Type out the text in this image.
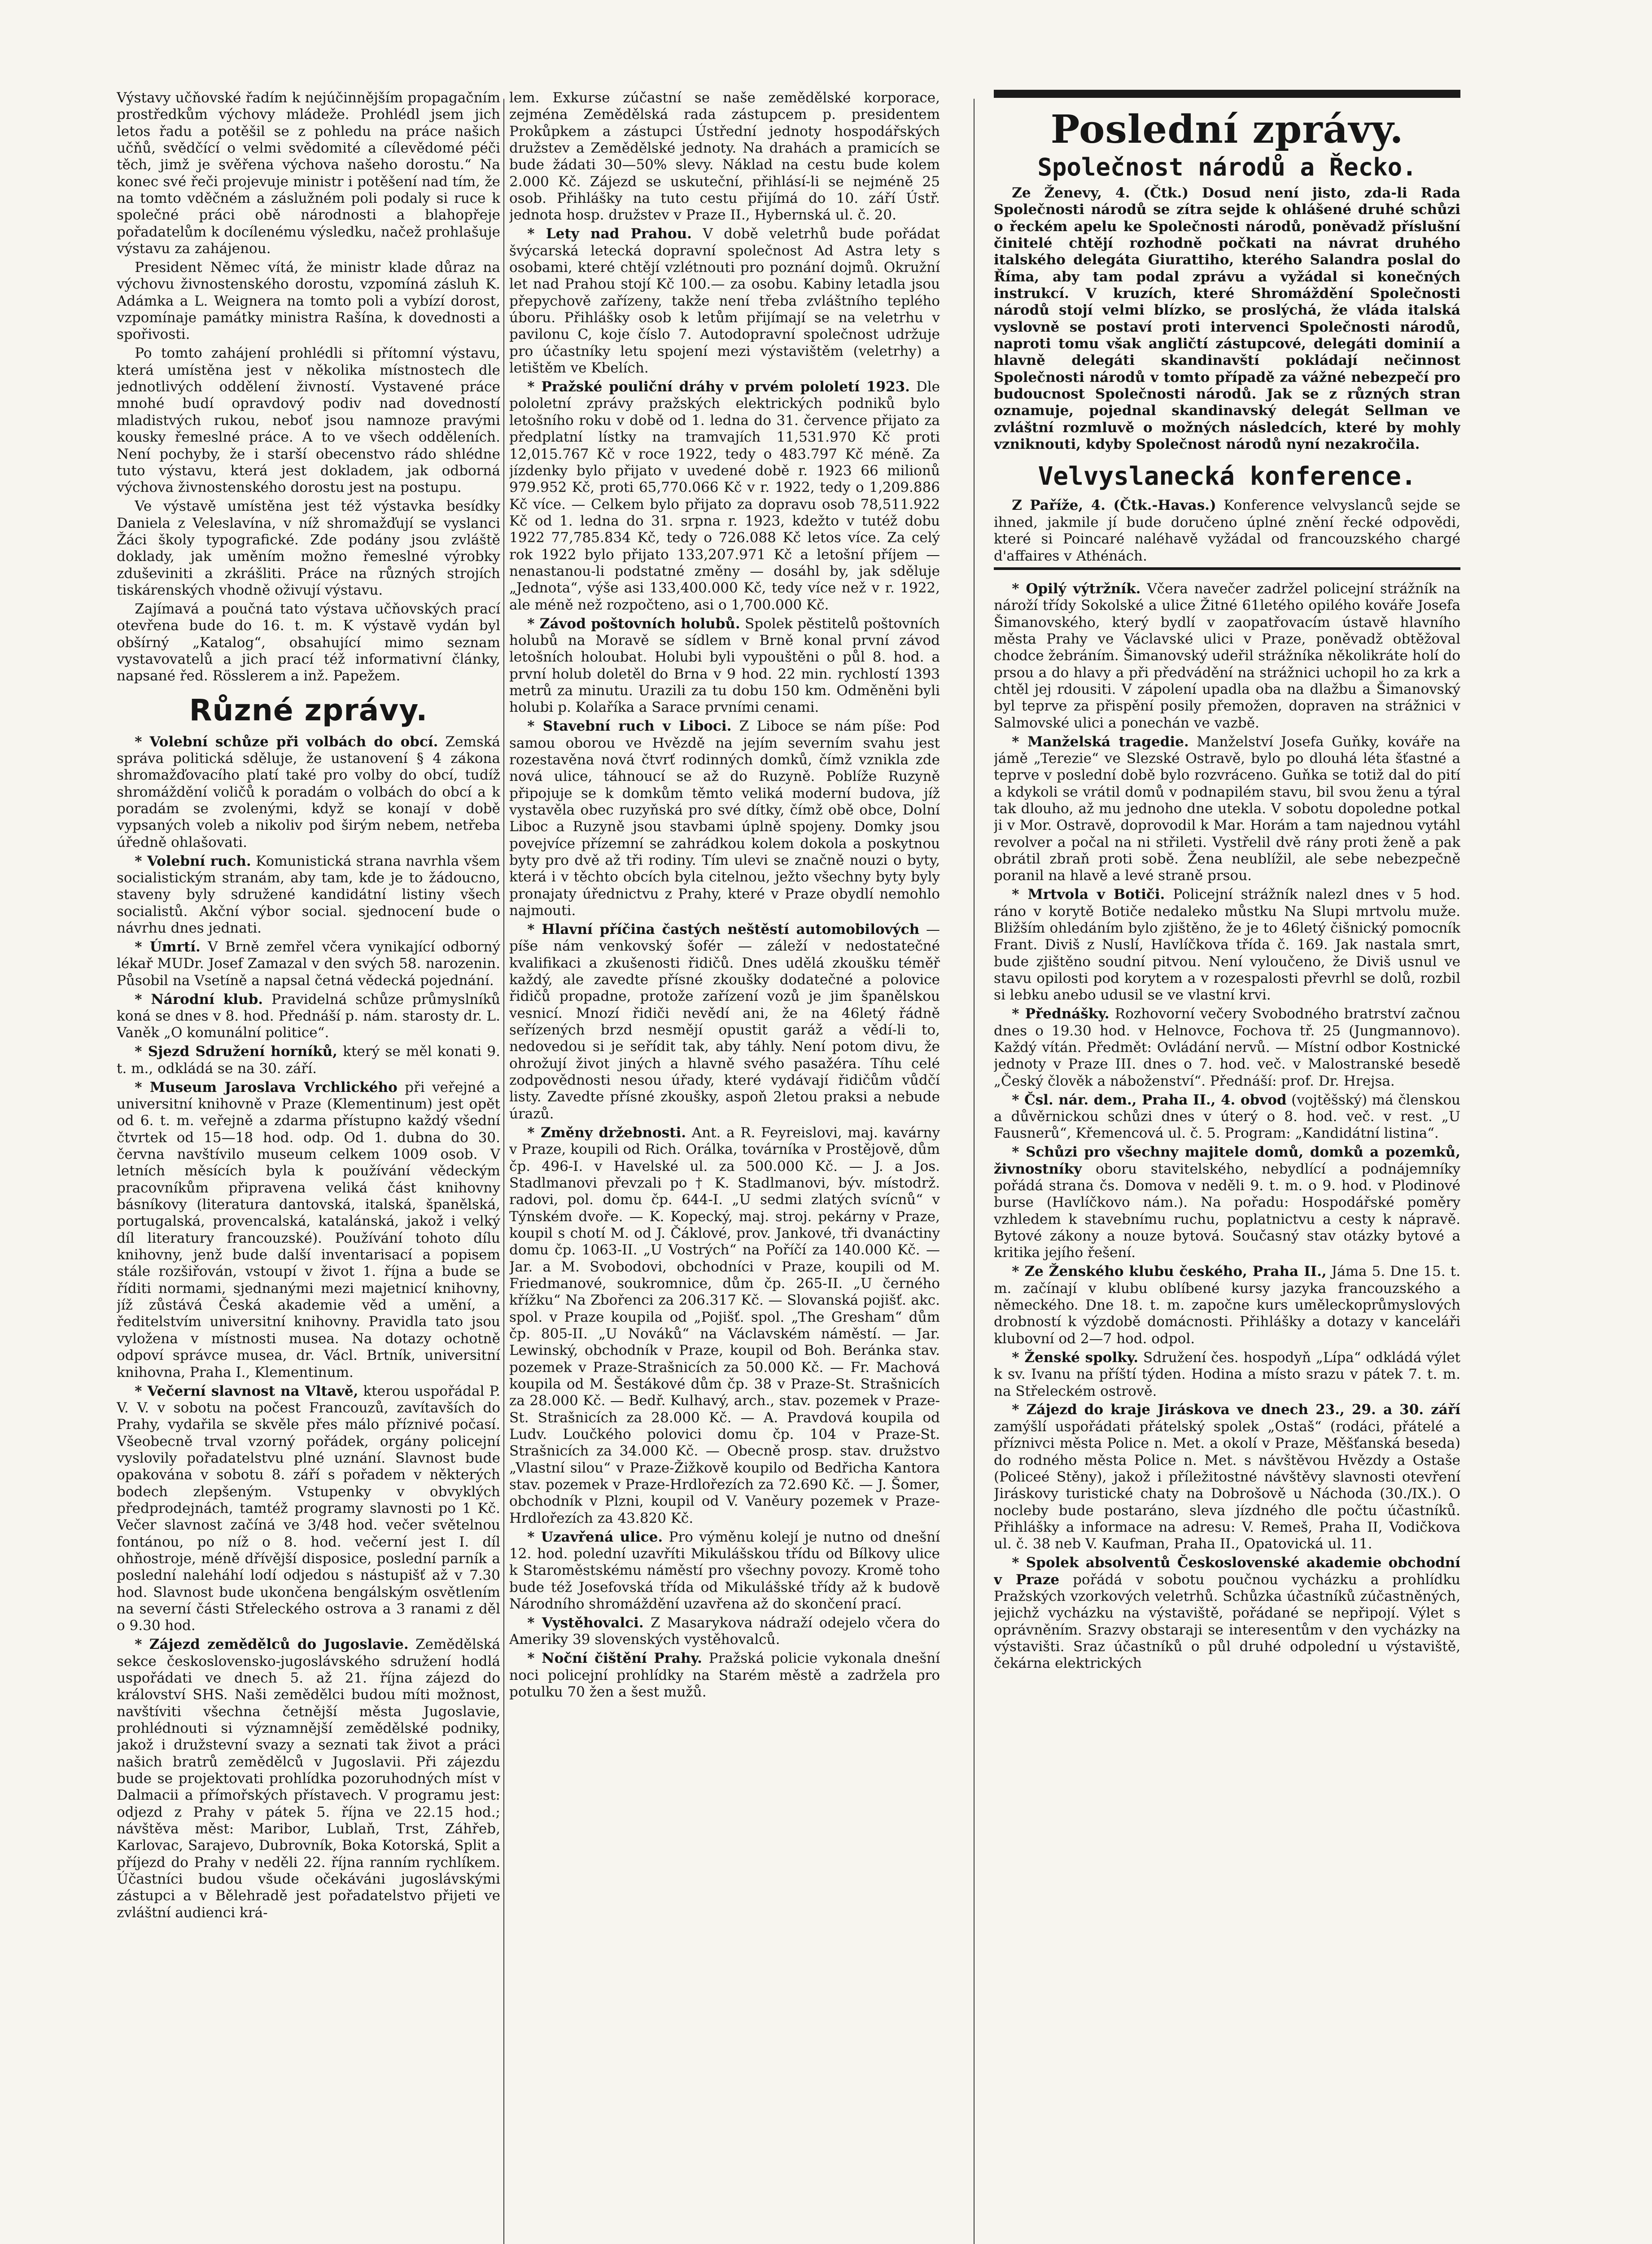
Výstavy učňovské řadím k nejúčinnějším propagačním prostředkům výchovy mládeže. Prohlédl jsem jich letos řadu a potěšil se z pohledu na práce našich učňů, svědčící o velmi svědomité a cílevědomé péči těch, jimž je svěřena výchova našeho dorostu.“ Na konec své řeči projevuje ministr i potěšení nad tím, že na tomto vděčném a záslužném poli podaly si ruce k společné práci obě národnosti a blahopřeje pořadatelům k docílenému výsledku, načež prohlašuje výstavu za zahájenou.

President Němec vítá, že ministr klade důraz na výchovu živnostenského dorostu, vzpomíná zásluh K. Adámka a L. Weignera na tomto poli a vybízí dorost, vzpomínaje památky ministra Rašína, k dovednosti a spořivosti.

Po tomto zahájení prohlédli si přítomní výstavu, která umístěna jest v několika místnostech dle jednotlivých oddělení živností. Vystavené práce mnohé budí opravdový podiv nad dovedností mladistvých rukou, neboť jsou namnoze pravými kousky řemeslné práce. A to ve všech odděleních. Není pochyby, že i starší obecenstvo rádo shlédne tuto výstavu, která jest dokladem, jak odborná výchova živnostenského dorostu jest na postupu.

Ve výstavě umístěna jest též výstavka besídky Daniela z Veleslavína, v níž shromažďují se vyslanci Žáci školy typografické. Zde podány jsou zvláště doklady, jak uměním možno řemeslné výrobky zduševiniti a zkrášliti. Práce na různých strojích tiskárenských vhodně oživují výstavu.

Zajímavá a poučná tato výstava učňovských prací otevřena bude do 16. t. m. K výstavě vydán byl obšírný „Katalog“, obsahující mimo seznam vystavovatelů a jich prací též informativní články, napsané řed. Rösslerem a inž. Papežem.

Různé zprávy.

* Volební schůze při volbách do obcí. Zemská správa politická sděluje, že ustanovení § 4 zákona shromažďovacího platí také pro volby do obcí, tudíž shromáždění voličů k poradám o volbách do obcí a k poradám se zvolenými, když se konají v době vypsaných voleb a nikoliv pod širým nebem, netřeba úředně ohlašovati.

* Volební ruch. Komunistická strana navrhla všem socialistickým stranám, aby tam, kde je to žádoucno, staveny byly sdružené kandidátní listiny všech socialistů. Akční výbor social. sjednocení bude o návrhu dnes jednati.

* Úmrtí. V Brně zemřel včera vynikající odborný lékař MUDr. Josef Zamazal v den svých 58. narozenin. Působil na Vsetíně a napsal četná vědecká pojednání.

* Národní klub. Pravidelná schůze průmyslníků koná se dnes v 8. hod. Přednáší p. nám. starosty dr. L. Vaněk „O komunální politice“.

* Sjezd Sdružení horníků, který se měl konati 9. t. m., odkládá se na 30. září.

* Museum Jaroslava Vrchlického při veřejné a universitní knihovně v Praze (Klementinum) jest opět od 6. t. m. veřejně a zdarma přístupno každý všední čtvrtek od 15—18 hod. odp. Od 1. dubna do 30. června navštívilo museum celkem 1009 osob. V letních měsících byla k používání vědeckým pracovníkům připravena veliká část knihovny básníkovy (literatura dantovská, italská, španělská, portugalská, provencalská, katalánská, jakož i velký díl literatury francouzské). Používání tohoto dílu knihovny, jenž bude další inventarisací a popisem stále rozšiřován, vstoupí v život 1. října a bude se říditi normami, sjednanými mezi majetnicí knihovny, jíž zůstává Česká akademie věd a umění, a ředitelstvím universitní knihovny. Pravidla tato jsou vyložena v místnosti musea. Na dotazy ochotně odpoví správce musea, dr. Václ. Brtník, universitní knihovna, Praha I., Klementinum.

* Večerní slavnost na Vltavě, kterou uspořádal P. V. V. v sobotu na počest Francouzů, zavítavších do Prahy, vydařila se skvěle přes málo příznivé počasí. Všeobecně trval vzorný pořádek, orgány policejní vyslovily pořadatelstvu plné uznání. Slavnost bude opakována v sobotu 8. září s pořadem v některých bodech zlepšeným. Vstupenky v obvyklých předprodejnách, tamtéž programy slavnosti po 1 Kč. Večer slavnost začíná ve 3/48 hod. večer světelnou fontánou, po níž o 8. hod. večerní jest I. díl ohňostroje, méně dřívější disposice, poslední parník a poslední naleháhí lodí odjedou s nástupišť až v 7.30 hod. Slavnost bude ukončena bengálským osvětlením na severní části Střeleckého ostrova a 3 ranami z děl o 9.30 hod.

* Zájezd zemědělců do Jugoslavie. Zemědělská sekce československo-jugoslávského sdružení hodlá uspořádati ve dnech 5. až 21. října zájezd do království SHS. Naši zemědělci budou míti možnost, navštíviti všechna četnější města Jugoslavie, prohlédnouti si významnější zemědělské podniky, jakož i družstevní svazy a seznati tak život a práci našich bratrů zemědělců v Jugoslavii. Při zájezdu bude se projektovati prohlídka pozoruhodných míst v Dalmacii a přímořských přístavech. V programu jest: odjezd z Prahy v pátek 5. října ve 22.15 hod.; návštěva měst: Maribor, Lublaň, Trst, Záhřeb, Karlovac, Sarajevo, Dubrovník, Boka Kotorská, Split a příjezd do Prahy v neděli 22. října ranním rychlíkem. Účastníci budou všude očekáváni jugoslávskými zástupci a v Bělehradě jest pořadatelstvo přijeti ve zvláštní audienci krá-

lem. Exkurse zúčastní se naše zemědělské korporace, zejména Zemědělská rada zástupcem p. presidentem Prokůpkem a zástupci Ústřední jednoty hospodářských družstev a Zemědělské jednoty. Na drahách a pramicích se bude žádati 30—50% slevy. Náklad na cestu bude kolem 2.000 Kč. Zájezd se uskuteční, přihlásí-li se nejméně 25 osob. Přihlášky na tuto cestu přijímá do 10. září Ústř. jednota hosp. družstev v Praze II., Hybernská ul. č. 20.

* Lety nad Prahou. V době veletrhů bude pořádat švýcarská letecká dopravní společnost Ad Astra lety s osobami, které chtějí vzlétnouti pro poznání dojmů. Okružní let nad Prahou stojí Kč 100.— za osobu. Kabiny letadla jsou přepychově zařízeny, takže není třeba zvláštního teplého úboru. Přihlášky osob k letům přijímají se na veletrhu v pavilonu C, koje číslo 7. Autodopravní společnost udržuje pro účastníky letu spojení mezi výstavištěm (veletrhy) a letištěm ve Kbelích.

* Pražské pouliční dráhy v prvém pololetí 1923. Dle pololetní zprávy pražských elektrických podniků bylo letošního roku v době od 1. ledna do 31. července přijato za předplatní lístky na tramvajích 11,531.970 Kč proti 12,015.767 Kč v roce 1922, tedy o 483.797 Kč méně. Za jízdenky bylo přijato v uvedené době r. 1923 66 milionů 979.952 Kč, proti 65,770.066 Kč v r. 1922, tedy o 1,209.886 Kč více. — Celkem bylo přijato za dopravu osob 78,511.922 Kč od 1. ledna do 31. srpna r. 1923, kdežto v tutéž dobu 1922 77,785.834 Kč, tedy o 726.088 Kč letos více. Za celý rok 1922 bylo přijato 133,207.971 Kč a letošní příjem — nenastanou-li podstatné změny — dosáhl by, jak sděluje „Jednota“, výše asi 133,400.000 Kč, tedy více než v r. 1922, ale méně než rozpočteno, asi o 1,700.000 Kč.

* Závod poštovních holubů. Spolek pěstitelů poštovních holubů na Moravě se sídlem v Brně konal první závod letošních holoubat. Holubi byli vypouštěni o půl 8. hod. a první holub doletěl do Brna v 9 hod. 22 min. rychlostí 1393 metrů za minutu. Urazili za tu dobu 150 km. Odměněni byli holubi p. Kolaříka a Sarace prvními cenami.

* Stavební ruch v Liboci. Z Liboce se nám píše: Pod samou oborou ve Hvězdě na jejím severním svahu jest rozestavěna nová čtvrť rodinných domků, čímž vznikla zde nová ulice, táhnoucí se až do Ruzyně. Poblíže Ruzyně připojuje se k domkům těmto veliká moderní budova, jíž vystavěla obec ruzyňská pro své dítky, čímž obě obce, Dolní Liboc a Ruzyně jsou stavbami úplně spojeny. Domky jsou povejvíce přízemní se zahrádkou kolem dokola a poskytnou byty pro dvě až tři rodiny. Tím ulevi se značně nouzi o byty, která i v těchto obcích byla citelnou, ježto všechny byty byly pronajaty úřednictvu z Prahy, které v Praze obydlí nemohlo najmouti.

* Hlavní příčina častých neštěstí automobilových — píše nám venkovský šofér — záleží v nedostatečné kvalifikaci a zkušenosti řidičů. Dnes udělá zkoušku téměř každý, ale zavedte přísné zkoušky dodatečné a polovice řidičů propadne, protože zařízení vozů je jim španělskou vesnicí. Mnozí řidiči nevědí ani, že na 46letý řádně seřízených brzd nesmějí opustit garáž a vědí-li to, nedovedou si je seřídit tak, aby táhly. Není potom divu, že ohrožují život jiných a hlavně svého pasažéra. Tíhu celé zodpovědnosti nesou úřady, které vydávají řidičům vůdčí listy. Zavedte přísné zkoušky, aspoň 2letou praksi a nebude úrazů.

* Změny držebnosti. Ant. a R. Feyreislovi, maj. kavárny v Praze, koupili od Rich. Orálka, továrníka v Prostějově, dům čp. 496-I. v Havelské ul. za 500.000 Kč. — J. a Jos. Stadlmanovi převzali po † K. Stadlmanovi, býv. místodrž. radovi, pol. domu čp. 644-I. „U sedmi zlatých svícnů“ v Týnském dvoře. — K. Kopecký, maj. stroj. pekárny v Praze, koupil s chotí M. od J. Čáklové, prov. Jankové, tři dvanáctiny domu čp. 1063-II. „U Vostrých“ na Poříčí za 140.000 Kč. — Jar. a M. Svobodovi, obchodníci v Praze, koupili od M. Friedmanové, soukromnice, dům čp. 265-II. „U černého křížku“ Na Zbořenci za 206.317 Kč. — Slovanská pojišť. akc. spol. v Praze koupila od „Pojišť. spol. „The Gresham“ dům čp. 805-II. „U Nováků“ na Václavském náměstí. — Jar. Lewinský, obchodník v Praze, koupil od Boh. Beránka stav. pozemek v Praze-Strašnicích za 50.000 Kč. — Fr. Machová koupila od M. Šestákové dům čp. 38 v Praze-St. Strašnicích za 28.000 Kč. — Bedř. Kulhavý, arch., stav. pozemek v Praze-St. Strašnicích za 28.000 Kč. — A. Pravdová koupila od Ludv. Loučkého polovici domu čp. 104 v Praze-St. Strašnicích za 34.000 Kč. — Obecně prosp. stav. družstvo „Vlastní silou“ v Praze-Žižkově koupilo od Bedřicha Kantora stav. pozemek v Praze-Hrdlořezích za 72.690 Kč. — J. Šomer, obchodník v Plzni, koupil od V. Vaněury pozemek v Praze-Hrdlořezích za 43.820 Kč.

* Uzavřená ulice. Pro výměnu kolejí je nutno od dnešní 12. hod. polední uzavříti Mikulášskou třídu od Bílkovy ulice k Staroměstskému náměstí pro všechny povozy. Kromě toho bude též Josefovská třída od Mikulášské třídy až k budově Národního shromáždění uzavřena až do skončení prací.

* Vystěhovalci. Z Masarykova nádraží odejelo včera do Ameriky 39 slovenských vystěhovalců.

* Noční čištění Prahy. Pražská policie vykonala dnešní noci policejní prohlídky na Starém městě a zadržela pro potulku 70 žen a šest mužů.

Poslední zprávy.
Společnost národů a Řecko.

Ze Ženevy, 4. (Čtk.) Dosud není jisto, zda-li Rada Společnosti národů se zítra sejde k ohlášené druhé schůzi o řeckém apelu ke Společnosti národů, poněvadž příslušní činitelé chtějí rozhodně počkati na návrat druhého italského delegáta Giurattiho, kterého Salandra poslal do Říma, aby tam podal zprávu a vyžádal si konečných instrukcí. V kruzích, které Shromáždění Společnosti národů stojí velmi blízko, se proslýchá, že vláda italská vyslovně se postaví proti intervenci Společnosti národů, naproti tomu však angličtí zástupcové, delegáti dominií a hlavně delegáti skandinavští pokládají nečinnost Společnosti národů v tomto případě za vážné nebezpečí pro budoucnost Společnosti národů. Jak se z různých stran oznamuje, pojednal skandinavský delegát Sellman ve zvláštní rozmluvě o možných následcích, které by mohly vzniknouti, kdyby Společnost národů nyní nezakročila.

Velvyslanecká konference.

Z Paříže, 4. (Čtk.-Havas.) Konference velvyslanců sejde se ihned, jakmile jí bude doručeno úplné znění řecké odpovědi, které si Poincaré naléhavě vyžádal od francouzského chargé d'affaires v Athénách.

* Opilý výtržník. Včera navečer zadržel policejní strážník na nároží třídy Sokolské a ulice Žitné 61letého opilého kováře Josefa Šimanovského, který bydlí v zaopatřovacím ústavě hlavního města Prahy ve Václavské ulici v Praze, poněvadž obtěžoval chodce žebráním. Šimanovský udeřil strážníka několikráte holí do prsou a do hlavy a při předvádění na strážnici uchopil ho za krk a chtěl jej rdousiti. V zápolení upadla oba na dlažbu a Šimanovský byl teprve za přispění posily přemožen, dopraven na strážnici v Salmovské ulici a ponechán ve vazbě.

* Manželská tragedie. Manželství Josefa Guňky, kováře na jámě „Terezie“ ve Slezské Ostravě, bylo po dlouhá léta šťastné a teprve v poslední době bylo rozvráceno. Guňka se totiž dal do pití a kdykoli se vrátil domů v podnapilém stavu, bil svou ženu a týral tak dlouho, až mu jednoho dne utekla. V sobotu dopoledne potkal ji v Mor. Ostravě, doprovodil k Mar. Horám a tam najednou vytáhl revolver a počal na ni střileti. Vystřelil dvě rány proti ženě a pak obrátil zbraň proti sobě. Žena neublížil, ale sebe nebezpečně poranil na hlavě a levé straně prsou.

* Mrtvola v Botiči. Policejní strážník nalezl dnes v 5 hod. ráno v korytě Botiče nedaleko můstku Na Slupi mrtvolu muže. Bližším ohledáním bylo zjištěno, že je to 46letý čišnický pomocník Frant. Diviš z Nuslí, Havlíčkova třída č. 169. Jak nastala smrt, bude zjištěno soudní pitvou. Není vyloučeno, že Diviš usnul ve stavu opilosti pod korytem a v rozespalosti převrhl se dolů, rozbil si lebku anebo udusil se ve vlastní krvi.

* Přednášky. Rozhovorní večery Svobodného bratrství začnou dnes o 19.30 hod. v Helnovce, Fochova tř. 25 (Jungmannovo). Každý vítán. Předmět: Ovládání nervů. — Místní odbor Kostnické jednoty v Praze III. dnes o 7. hod. več. v Malostranské besedě „Český člověk a náboženství“. Přednáší: prof. Dr. Hrejsa.

* Čsl. nár. dem., Praha II., 4. obvod (vojtěšský) má členskou a důvěrnickou schůzi dnes v úterý o 8. hod. več. v rest. „U Fausnerů“, Křemencová ul. č. 5. Program: „Kandidátní listina“.

* Schůzi pro všechny majitele domů, domků a pozemků, živnostníky oboru stavitelského, nebydlící a podnájemníky pořádá strana čs. Domova v neděli 9. t. m. o 9. hod. v Plodinové burse (Havlíčkovo nám.). Na pořadu: Hospodářské poměry vzhledem k stavebnímu ruchu, poplatnictvu a cesty k nápravě. Bytové zákony a nouze bytová. Současný stav otázky bytové a kritika jejího řešení.

* Ze Ženského klubu českého, Praha II., Jáma 5. Dne 15. t. m. začínají v klubu oblíbené kursy jazyka francouzského a německého. Dne 18. t. m. započne kurs uměleckoprůmyslových drobností k výzdobě domácnosti. Přihlášky a dotazy v kanceláři klubovní od 2—7 hod. odpol.

* Ženské spolky. Sdružení čes. hospodyň „Lípa“ odkládá výlet k sv. Ivanu na příští týden. Hodina a místo srazu v pátek 7. t. m. na Střeleckém ostrově.

* Zájezd do kraje Jiráskova ve dnech 23., 29. a 30. září zamýšlí uspořádati přátelský spolek „Ostaš“ (rodáci, přátelé a příznivci města Police n. Met. a okolí v Praze, Měšťanská beseda) do rodného města Police n. Met. s návštěvou Hvězdy a Ostaše (Policeé Stěny), jakož i příležitostné návštěvy slavnosti otevření Jiráskovy turistické chaty na Dobrošově u Náchoda (30./IX.). O nocleby bude postaráno, sleva jízdného dle počtu účastníků. Přihlášky a informace na adresu: V. Remeš, Praha II, Vodičkova ul. č. 38 neb V. Kaufman, Praha II., Opatovická ul. 11.

* Spolek absolventů Československé akademie obchodní v Praze pořádá v sobotu poučnou vycházku a prohlídku Pražských vzorkových veletrhů. Schůzka účastníků zúčastněných, jejichž vycházku na výstaviště, pořádané se nepřipojí. Výlet s oprávněním. Srazvy obstaraji se interesentům v den vycházky na výstavišti. Sraz účastníků o půl druhé odpolední u výstaviště, čekárna elektrických
